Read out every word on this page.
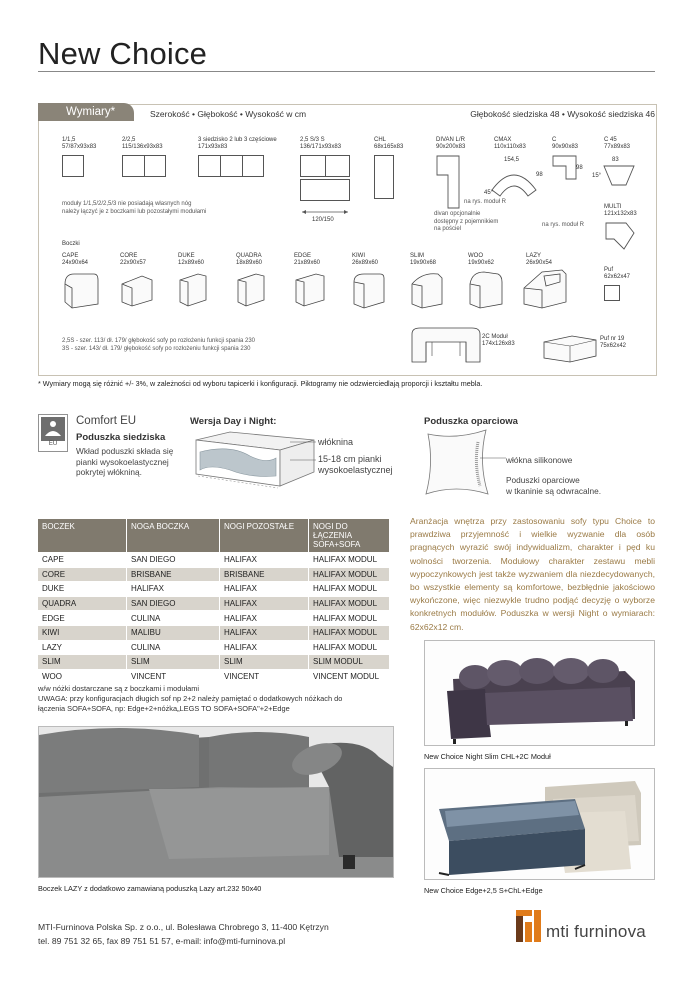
New Choice
Wymiary*	Szerokość • Głębokość • Wysokość w cm	Głębokość siedziska 48 • Wysokość siedziska 46
1/1,5
57/87x93x83
2/2,5
115/136x93x83
3 siedzisko 2 lub 3 częściowe
171x93x83
2,5 S/3 S
136/171x93x83
CHL
68x165x83
DIVAN L/R
90x200x83
CMAX
110x110x83
C
90x90x83
C 45
77x89x83
120/150
154,5
98
45°
98
83
15°
moduły 1/1,5/2/2,5/3 nie posiadają własnych nóg
należy łączyć je z boczkami lub pozostałymi modułami
na rys. moduł R
divan opcjonalnie
dostępny z pojemnikiem
na pościel
na rys. moduł R
MULTI
121x132x83
Boczki
CAPE
24x90x64
CORE
22x90x57
DUKE
12x89x60
QUADRA
18x89x60
EDGE
21x89x60
KIWI
26x89x60
SLIM
19x90x68
WOO
19x90x62
LAZY
26x90x54
Puf
62x62x47
2,5S - szer. 113/ dł. 179/ głębokość sofy po rozłożeniu funkcji spania 230
3S - szer. 143/ dł. 179/ głębokość sofy po rozłożeniu funkcji spania 230
2C Moduł
174x126x83
Puf nr 19
75x62x42
* Wymiary mogą się różnić +/- 3%, w zależności od wyboru tapicerki i konfiguracji. Piktogramy nie odzwierciedlają proporcji i kształtu mebla.
EU
Comfort EU
Poduszka siedziska
Wkład poduszki składa się
pianki wysokoelastycznej
pokrytej włókniną.
Wersja Day i Night:
włóknina
15-18 cm pianki
wysokoelastycznej
Poduszka oparciowa
włókna silikonowe
Poduszki oparciowe
w tkaninie są odwracalne.
BOCZEK	NOGA BOCZKA	NOGI POZOSTAŁE	NOGI DO ŁĄCZENIA SOFA+SOFA
CAPE	SAN DIEGO	HALIFAX	HALIFAX MODUL
CORE	BRISBANE	BRISBANE	HALIFAX MODUL
DUKE	HALIFAX	HALIFAX	HALIFAX MODUL
QUADRA	SAN DIEGO	HALIFAX	HALIFAX MODUL
EDGE	CULINA	HALIFAX	HALIFAX MODUL
KIWI	MALIBU	HALIFAX	HALIFAX MODUL
LAZY	CULINA	HALIFAX	HALIFAX MODUL
SLIM	SLIM	SLIM	SLIM MODUL
WOO	VINCENT	VINCENT	VINCENT MODUL
w/w nóżki dostarczane są z boczkami i modułami
UWAGA: przy konfiguracjach długich sof np 2+2 należy pamiętać o dodatkowych nóżkach do
łączenia SOFA+SOFA, np: Edge+2+nóżka„LEGS TO SOFA+SOFA"+2+Edge
Aranżacja wnętrza przy zastosowaniu sofy typu Choice to prawdziwa przyjemność i wielkie wyzwanie dla osób pragnących wyrazić swój indywidualizm, charakter i pęd ku wolności tworzenia. Modułowy charakter zestawu mebli wypoczynkowych jest także wyzwaniem dla niezdecydowanych, bo wszystkie elementy są komfortowe, bezbłędnie jakościowo wykończone, więc niezwykle trudno podjąć decyzję o wyborze konkretnych modułów. Poduszka w wersji Night o wymiarach: 62x62x12 cm.
New Choice Night Slim CHL+2C Moduł
Boczek LAZY z dodatkowo zamawianą poduszką Lazy art.232 50x40	New Choice Edge+2,5 S+ChL+Edge
MTI-Furninova Polska Sp. z o.o., ul. Bolesława Chrobrego 3, 11-400 Kętrzyn
tel. 89 751 32 65, fax 89 751 51 57, e-mail: info@mti-furninova.pl	mti furninova
